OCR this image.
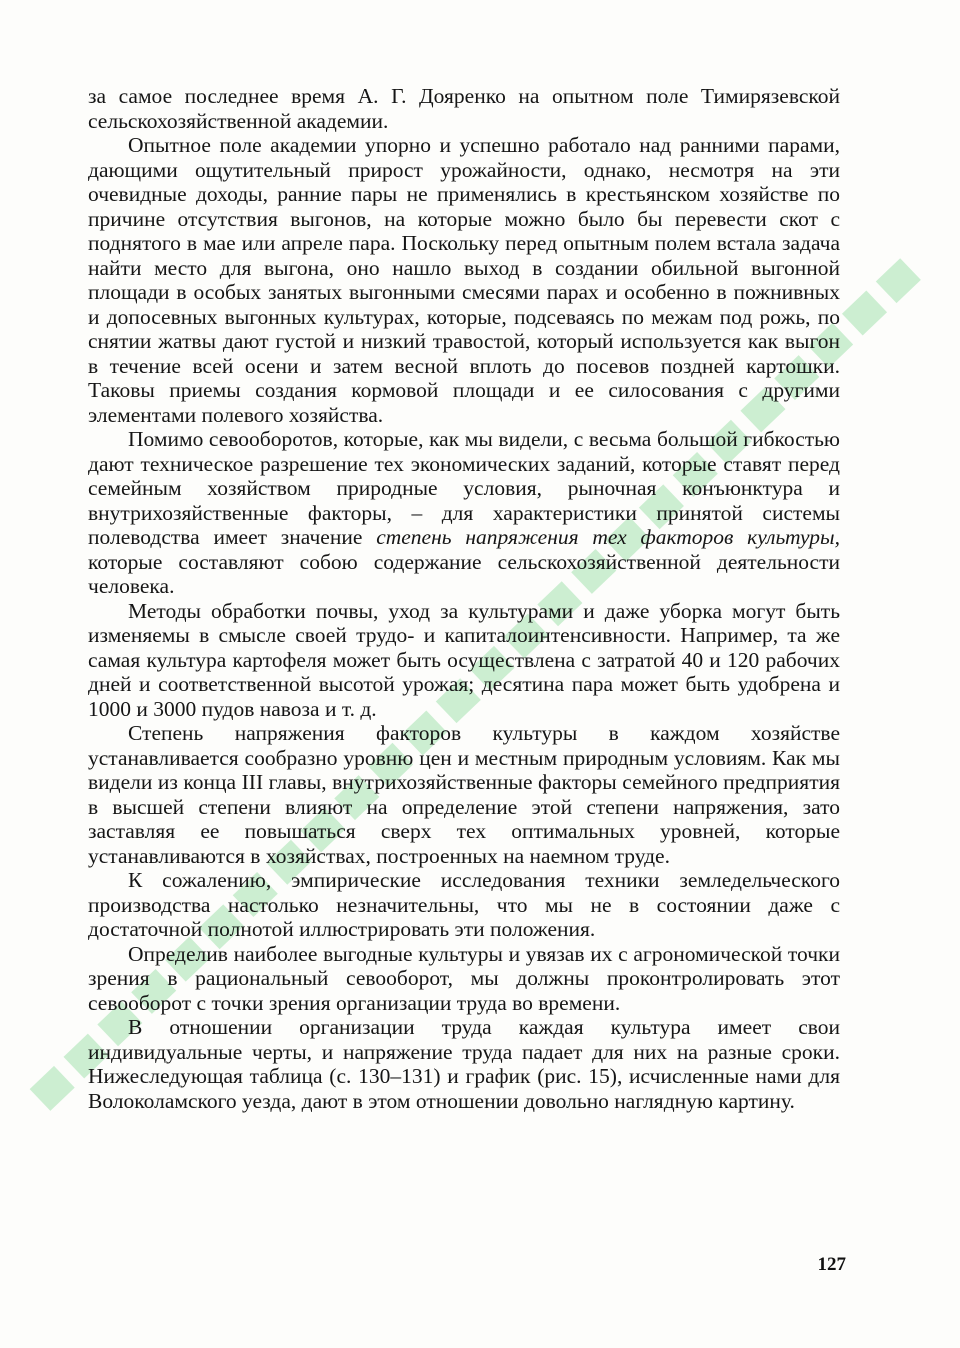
за самое последнее время А. Г. Дояренко на опытном поле Тимирязевской сельскохозяйственной академии.

Опытное поле академии упорно и успешно работало над ранними парами, дающими ощутительный прирост урожайности, однако, несмотря на эти очевидные доходы, ранние пары не применялись в крестьянском хозяйстве по причине отсутствия выгонов, на которые можно было бы перевести скот с поднятого в мае или апреле пара. Поскольку перед опытным полем встала задача найти место для выгона, оно нашло выход в создании обильной выгонной площади в особых занятых выгонными смесями парах и особенно в пожнивных и допосевных выгонных культурах, которые, подсеваясь по межам под рожь, по снятии жатвы дают густой и низкий травостой, который используется как выгон в течение всей осени и затем весной вплоть до посевов поздней картошки. Таковы приемы создания кормовой площади и ее силосования с другими элементами полевого хозяйства.

Помимо севооборотов, которые, как мы видели, с весьма большой гибкостью дают техническое разрешение тех экономических заданий, которые ставят перед семейным хозяйством природные условия, рыночная конъюнктура и внутрихозяйственные факторы, – для характеристики принятой системы полеводства имеет значение степень напряжения тех факторов культуры, которые составляют собою содержание сельскохозяйственной деятельности человека.

Методы обработки почвы, уход за культурами и даже уборка могут быть изменяемы в смысле своей трудо- и капиталоинтенсивности. Например, та же самая культура картофеля может быть осуществлена с затратой 40 и 120 рабочих дней и соответственной высотой урожая; десятина пара может быть удобрена и 1000 и 3000 пудов навоза и т. д.

Степень напряжения факторов культуры в каждом хозяйстве устанавливается сообразно уровню цен и местным природным условиям. Как мы видели из конца III главы, внутрихозяйственные факторы семейного предприятия в высшей степени влияют на определение этой степени напряжения, зато заставляя ее повышаться сверх тех оптимальных уровней, которые устанавливаются в хозяйствах, построенных на наемном труде.

К сожалению, эмпирические исследования техники земледельческого производства настолько незначительны, что мы не в состоянии даже с достаточной полнотой иллюстрировать эти положения.

Определив наиболее выгодные культуры и увязав их с агрономической точки зрения в рациональный севооборот, мы должны проконтролировать этот севооборот с точки зрения организации труда во времени.

В отношении организации труда каждая культура имеет свои индивидуальные черты, и напряжение труда падает для них на разные сроки. Нижеследующая таблица (с. 130–131) и график (рис. 15), исчисленные нами для Волоколамского уезда, дают в этом отношении довольно наглядную картину.

127
